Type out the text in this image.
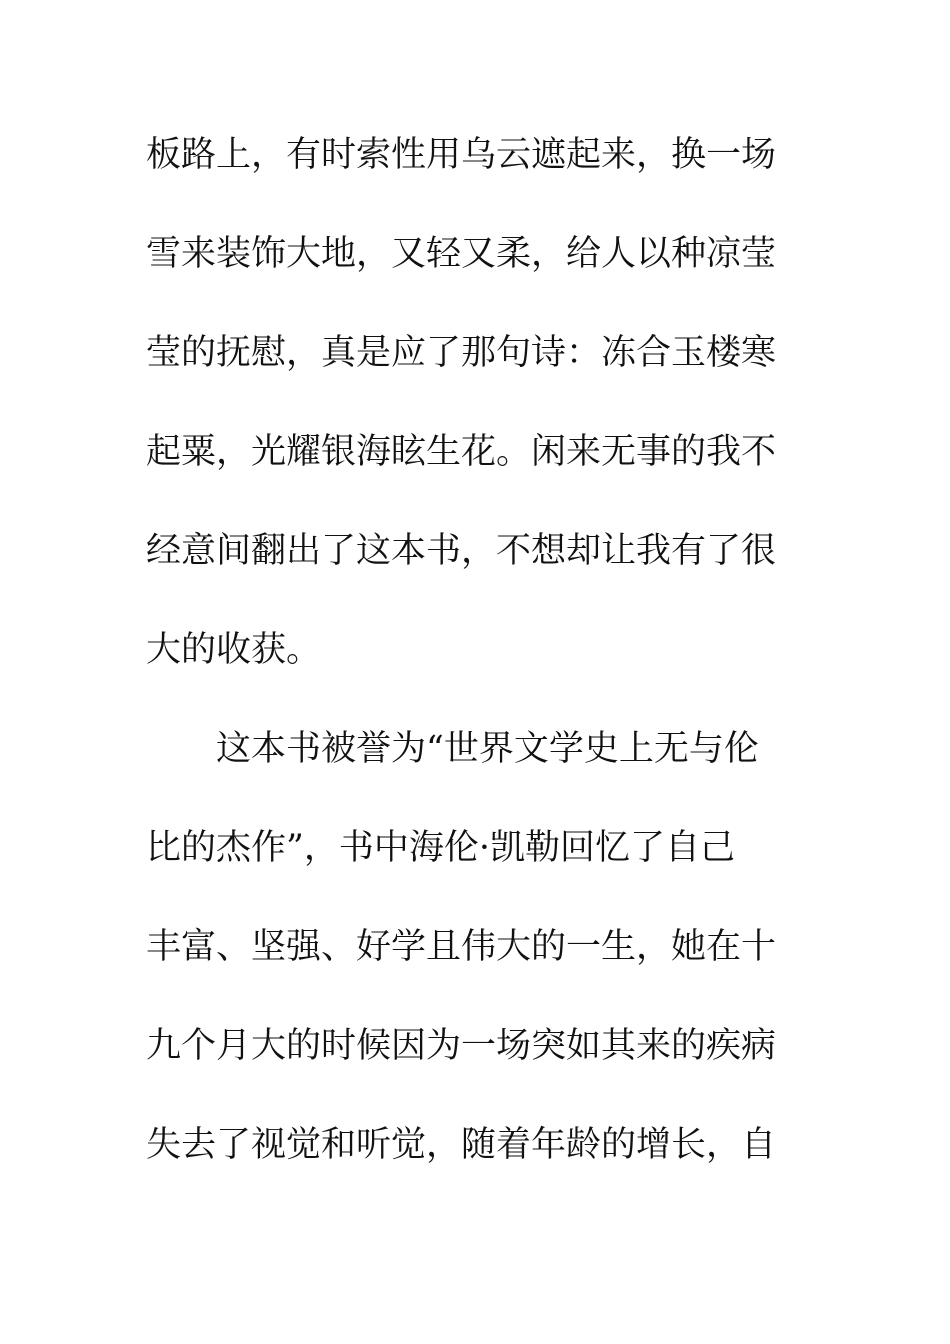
板路上，有时索性用乌云遮起来，换一场
雪来装饰大地，又轻又柔，给人以种凉莹
莹的抚慰，真是应了那句诗：冻合玉楼寒
起粟，光耀银海眩生花。闲来无事的我不
经意间翻出了这本书，不想却让我有了很
大的收获。
这本书被誉为“世界文学史上无与伦
比的杰作”，书中海伦·凯勒回忆了自己
丰富、坚强、好学且伟大的一生，她在十
九个月大的时候因为一场突如其来的疾病
失去了视觉和听觉，随着年龄的增长，自
